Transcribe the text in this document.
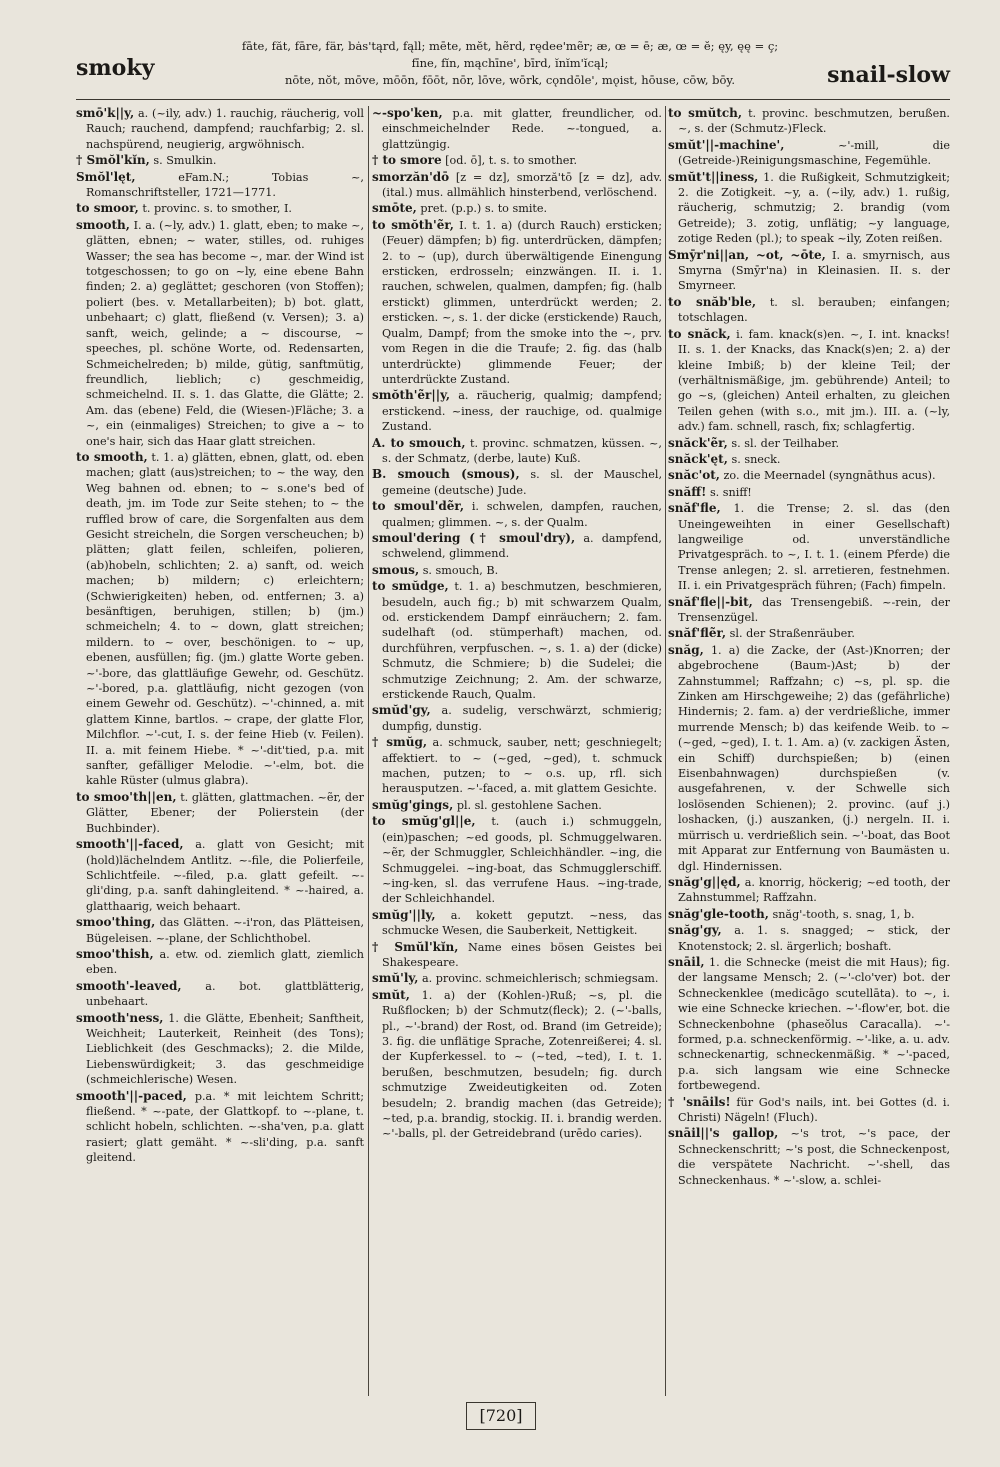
smoky
fāte, făt, fāre, fär, bȧs'tąrd, fąll; mēte, mĕt, hẽrd, rędee'mẽr; æ, œ = ē; æ, œ = ĕ; ęy, ęę = ç;
fīne, fĭn, mąchīne', bīrd, ĭnĭm'ĭcąl;
nōte, nŏt, mōve, mōōn, fōōt, nōr, lōve, wōrk, cǫndōle', mǫist, hōuse, cōw, bōy.	snail-slow
smō'k||y, a. (~ily, adv.) 1. rauchig, räucherig, voll Rauch; rauchend, dampfend; rauchfarbig; 2. sl. nachspürend, neugierig, argwöhnisch.
† Smŏl'kĭn, s. Smulkin.
Smŏl'lęt,	eFam.N.; Tobias ~, Romanschriftsteller, 1721—1771.
to smoor, t. provinc. s. to smother, I.
smooth, I. a. (~ly, adv.) 1. glatt, eben; to make ~, glätten, ebnen; ~ water, stilles, od. ruhiges Wasser; the sea has become ~, mar. der Wind ist totgeschossen; to go on ~ly, eine ebene Bahn finden; 2. a) geglättet; geschoren (von Stoffen); poliert (bes. v. Metallarbeiten); b) bot. glatt, unbehaart; c) glatt, fließend (v. Versen); 3. a) sanft, weich, gelinde; a ~ discourse, ~ speeches, pl. schöne Worte, od. Redensarten, Schmeichelreden; b) milde, gütig, sanftmütig, freundlich, lieblich; c) geschmeidig, schmeichelnd. II. s. 1. das Glatte, die Glätte; 2. Am. das (ebene) Feld, die (Wiesen-)Fläche; 3. a ~, ein (einmaliges) Streichen; to give a ~ to one's hair, sich das Haar glatt streichen.
to smooth, t. 1. a) glätten, ebnen, glatt, od. eben machen; glatt (aus)streichen; to ~ the way, den Weg bahnen od. ebnen; to ~ s.one's bed of death, jm. im Tode zur Seite stehen; to ~ the ruffled brow of care, die Sorgenfalten aus dem Gesicht streicheln, die Sorgen verscheuchen; b) plätten; glatt feilen, schleifen, polieren, (ab)hobeln, schlichten; 2. a) sanft, od. weich machen; b) mildern; c) erleichtern; (Schwierigkeiten) heben, od. entfernen; 3. a) besänftigen, beruhigen, stillen; b) (jm.) schmeicheln; 4. to ~ down, glatt streichen; mildern. to ~ over, beschönigen. to ~ up, ebenen, ausfüllen; fig. (jm.) glatte Worte geben. ~'-bore, das glattläufige Gewehr, od. Geschütz. ~'-bored, p.a. glattläufig, nicht gezogen (von einem Gewehr od. Geschütz). ~'-chinned, a. mit glattem Kinne, bartlos. ~ crape, der glatte Flor, Milchflor. ~'-cut, I. s. der feine Hieb (v. Feilen). II. a. mit feinem Hiebe. * ~'-dit'tied, p.a. mit sanfter, gefälliger Melodie. ~'-elm, bot. die kahle Rüster (ulmus glabra).
to smoo'th||en, t. glätten, glattmachen. ~ẽr, der Glätter, Ebener; der Polierstein (der Buchbinder).
smooth'||-faced, a. glatt von Gesicht; mit (hold)lächelndem Antlitz. ~-file, die Polierfeile, Schlichtfeile. ~-filed, p.a. glatt gefeilt. ~-gli'ding, p.a. sanft dahingleitend. * ~-haired, a. glatthaarig, weich behaart.
smoo'thing, das Glätten. ~-i'ron, das Plätteisen, Bügeleisen. ~-plane, der Schlichthobel.
smoo'thish, a. etw. od. ziemlich glatt, ziemlich eben.
smooth'-leaved, a. bot. glattblätterig, unbehaart.
smooth'ness, 1. die Glätte, Ebenheit; Sanftheit, Weichheit; Lauterkeit, Reinheit (des Tons); Lieblichkeit (des Geschmacks); 2. die Milde, Liebenswürdigkeit; 3. das geschmeidige (schmeichlerische) Wesen.
smooth'||-paced, p.a. * mit leichtem Schritt; fließend. * ~-pate, der Glattkopf. to ~-plane, t. schlicht hobeln, schlichten. ~-sha'ven, p.a. glatt rasiert; glatt gemäht. * ~-sli'ding, p.a. sanft gleitend.
~-spo'ken, p.a. mit glatter, freundlicher, od. einschmeichelnder Rede. ~-tongued, a. glattzüngig.
† to smore [od. ō], t. s. to smother.
smorzăn'dō [z = dz], smorză'tō [z = dz], adv. (ital.) mus. allmählich hinsterbend, verlöschend.
smōte, pret. (p.p.) s. to smite.
to smŏth'ẽr, I. t. 1. a) (durch Rauch) ersticken; (Feuer) dämpfen; b) fig. unterdrücken, dämpfen; 2. to ~ (up), durch überwältigende Einengung ersticken, erdrosseln; einzwängen. II. i. 1. rauchen, schwelen, qualmen, dampfen; fig. (halb erstickt) glimmen, unterdrückt werden; 2. ersticken. ~, s. 1. der dicke (erstickende) Rauch, Qualm, Dampf; from the smoke into the ~, prv. vom Regen in die die Traufe; 2. fig. das (halb unterdrückte) glimmende Feuer; der unterdrückte Zustand.
smŏth'ẽr||y, a. räucherig, qualmig; dampfend; erstickend. ~iness, der rauchige, od. qualmige Zustand.
A. to smouch, t. provinc. schmatzen, küssen. ~, s. der Schmatz, (derbe, laute) Kuß.
B. smouch (smous), s. sl. der Mauschel, gemeine (deutsche) Jude.
to smoul'dẽr, i. schwelen, dampfen, rauchen, qualmen; glimmen. ~, s. der Qualm.
smoul'dering († smoul'dry), a. dampfend, schwelend, glimmend.
smous, s. smouch, B.
to smŭdge, t. 1. a) beschmutzen, beschmieren, besudeln, auch fig.; b) mit schwarzem Qualm, od. erstickendem Dampf einräuchern; 2. fam. sudelhaft (od. stümperhaft) machen, od. durchführen, verpfuschen. ~, s. 1. a) der (dicke) Schmutz, die Schmiere; b) die Sudelei; die schmutzige Zeichnung; 2. Am. der schwarze, erstickende Rauch, Qualm.
smŭd'gy, a. sudelig, verschwärzt, schmierig; dumpfig, dunstig.
† smŭg, a. schmuck, sauber, nett; geschniegelt; affektiert. to ~ (~ged, ~ged), t. schmuck machen, putzen; to ~ o.s. up, rfl. sich herausputzen. ~'-faced, a. mit glattem Gesichte.
smŭg'gings, pl. sl. gestohlene Sachen.
to smŭg'gl||e, t. (auch i.) schmuggeln, (ein)paschen; ~ed goods, pl. Schmuggelwaren. ~ẽr, der Schmuggler, Schleichhändler. ~ing, die Schmuggelei. ~ing-boat, das Schmugglerschiff. ~ing-ken, sl. das verrufene Haus. ~ing-trade, der Schleichhandel.
smŭg'||ly, a. kokett geputzt. ~ness, das schmucke Wesen, die Sauberkeit, Nettigkeit.
† Smŭl'kĭn, Name eines bösen Geistes bei Shakespeare.
smŭ'ly, a. provinc. schmeichlerisch; schmiegsam.
smŭt, 1. a) der (Kohlen-)Ruß; ~s, pl. die Rußflocken; b) der Schmutz(fleck); 2. (~'-balls, pl., ~'-brand) der Rost, od. Brand (im Getreide); 3. fig. die unflätige Sprache, Zotenreißerei; 4. sl. der Kupferkessel. to ~ (~ted, ~ted), I. t. 1. berußen, beschmutzen, besudeln; fig. durch schmutzige Zweideutigkeiten od. Zoten besudeln; 2. brandig machen (das Getreide); ~ted, p.a. brandig, stockig. II. i. brandig werden. ~'-balls, pl. der Getreidebrand (urēdo caries).
to smŭtch, t. provinc. beschmutzen, berußen. ~, s. der (Schmutz-)Fleck.
smŭt'||-machine',	~'-mill, die (Getreide-)Reinigungsmaschine, Fegemühle.
smŭt't||iness, 1. die Rußigkeit, Schmutzigkeit; 2. die Zotigkeit. ~y, a. (~ily, adv.) 1. rußig, räucherig, schmutzig; 2. brandig (vom Getreide); 3. zotig, unflätig; ~y language, zotige Reden (pl.); to speak ~ily, Zoten reißen.
Smȳr'ni||an, ~ot, ~ōte, I. a. smyrnisch, aus Smyrna (Smȳr'na) in Kleinasien. II. s. der Smyrneer.
to snăb'ble, t. sl. berauben; einfangen; totschlagen.
to snăck, i. fam. knack(s)en. ~, I. int. knacks! II. s. 1. der Knacks, das Knack(s)en; 2. a) der kleine Imbiß; b) der kleine Teil; der (verhältnismäßige, jm. gebührende) Anteil; to go ~s, (gleichen) Anteil erhalten, zu gleichen Teilen gehen (with s.o., mit jm.). III. a. (~ly, adv.) fam. schnell, rasch, fix; schlagfertig.
snăck'ẽr, s. sl. der Teilhaber.
snăck'ęt, s. sneck.
snăc'ot, zo. die Meernadel (syngnāthus acus).
snăff! s. sniff!
snăf'fle, 1. die Trense; 2. sl. das (den Uneingeweihten in einer Gesellschaft) langweilige od. unverständliche Privatgespräch. to ~, I. t. 1. (einem Pferde) die Trense anlegen; 2. sl. arretieren, festnehmen. II. i. ein Privatgespräch führen; (Fach) fimpeln.
snăf'fle||-bit, das Trensengebiß. ~-rein, der Trensenzügel.
snăf'flẽr, sl. der Straßenräuber.
snăg, 1. a) die Zacke, der (Ast-)Knorren; der abgebrochene (Baum-)Ast; b) der Zahnstummel; Raffzahn; c) ~s, pl. sp. die Zinken am Hirschgeweihe; 2) das (gefährliche) Hindernis; 2. fam. a) der verdrießliche, immer murrende Mensch; b) das keifende Weib. to ~ (~ged, ~ged), I. t. 1. Am. a) (v. zackigen Ästen, ein Schiff) durchspießen; b) (einen Eisenbahnwagen) durchspießen (v. ausgefahrenen, v. der Schwelle sich loslösenden Schienen); 2. provinc. (auf j.) loshacken, (j.) auszanken, (j.) nergeln. II. i. mürrisch u. verdrießlich sein. ~'-boat, das Boot mit Apparat zur Entfernung von Baumästen u. dgl. Hindernissen.
snăg'g||ęd, a. knorrig, höckerig; ~ed tooth, der Zahnstummel; Raffzahn.
snăg'gle-tooth, snăg'-tooth, s. snag, 1, b.
snăg'gy, a. 1. s. snagged; ~ stick, der Knotenstock; 2. sl. ärgerlich; boshaft.
snāil, 1. die Schnecke (meist die mit Haus); fig. der langsame Mensch; 2. (~'-clo'ver) bot. der Schneckenklee (medicāgo scutellāta). to ~, i. wie eine Schnecke kriechen. ~'-flow'er, bot. die Schneckenbohne (phaseŏlus Caracalla). ~'-formed, p.a. schneckenförmig. ~'-like, a. u. adv. schneckenartig, schneckenmäßig. * ~'-paced, p.a. sich langsam wie eine Schnecke fortbewegend.
† 'snāils! für God's nails, int. bei Gottes (d. i. Christi) Nägeln! (Fluch).
snāil||'s gallop, ~'s trot, ~'s pace, der Schneckenschritt; ~'s post, die Schneckenpost, die verspätete Nachricht. ~'-shell, das Schneckenhaus. * ~'-slow, a. schlei-
[720]
